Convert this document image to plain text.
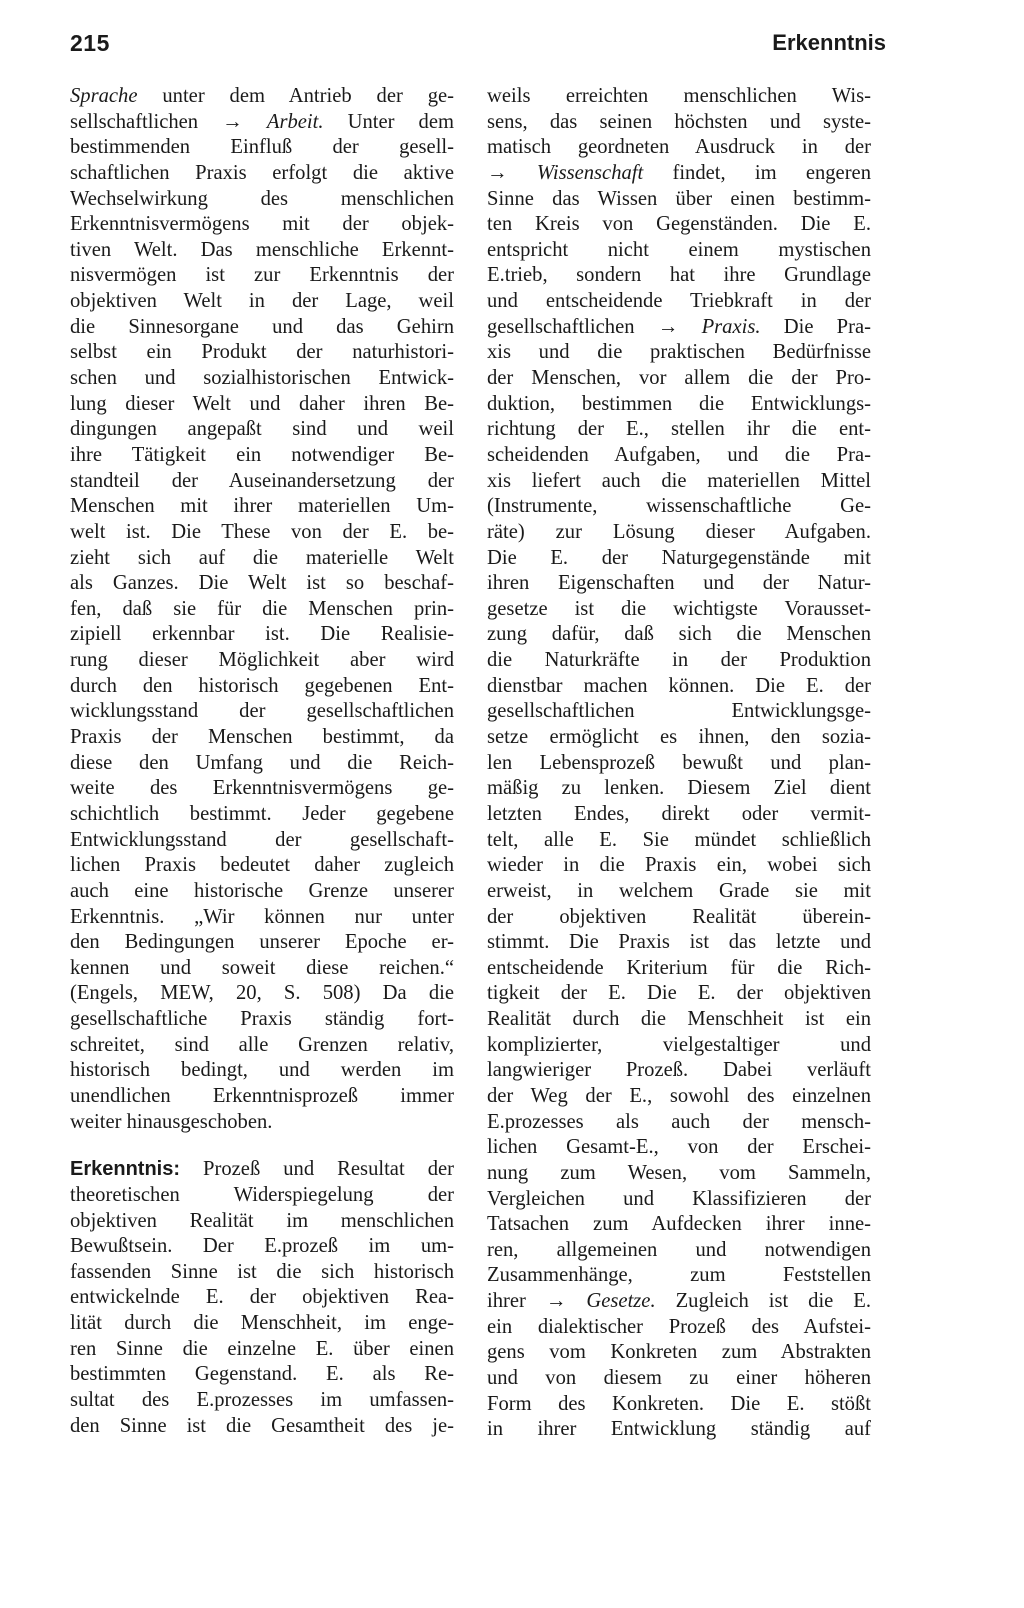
215	Erkenntnis
Sprache unter dem Antrieb der ge-
sellschaftlichen → Arbeit. Unter dem
bestimmenden Einfluß der gesell-
schaftlichen Praxis erfolgt die aktive
Wechselwirkung des menschlichen
Erkenntnisvermögens mit der objek-
tiven Welt. Das menschliche Erkennt-
nisvermögen ist zur Erkenntnis der
objektiven Welt in der Lage, weil
die Sinnesorgane und das Gehirn
selbst ein Produkt der naturhistori-
schen und sozialhistorischen Entwick-
lung dieser Welt und daher ihren Be-
dingungen angepaßt sind und weil
ihre Tätigkeit ein notwendiger Be-
standteil der Auseinandersetzung der
Menschen mit ihrer materiellen Um-
welt ist. Die These von der E. be-
zieht sich auf die materielle Welt
als Ganzes. Die Welt ist so beschaf-
fen, daß sie für die Menschen prin-
zipiell erkennbar ist. Die Realisie-
rung dieser Möglichkeit aber wird
durch den historisch gegebenen Ent-
wicklungsstand der gesellschaftlichen
Praxis der Menschen bestimmt, da
diese den Umfang und die Reich-
weite des Erkenntnisvermögens ge-
schichtlich bestimmt. Jeder gegebene
Entwicklungsstand der gesellschaft-
lichen Praxis bedeutet daher zugleich
auch eine historische Grenze unserer
Erkenntnis. „Wir können nur unter
den Bedingungen unserer Epoche er-
kennen und soweit diese reichen.“
(Engels, MEW, 20, S. 508) Da die
gesellschaftliche Praxis ständig fort-
schreitet, sind alle Grenzen relativ,
historisch bedingt, und werden im
unendlichen Erkenntnisprozeß immer
weiter hinausgeschoben.
Erkenntnis: Prozeß und Resultat der
theoretischen Widerspiegelung der
objektiven Realität im menschlichen
Bewußtsein. Der E.prozeß im um-
fassenden Sinne ist die sich historisch
entwickelnde E. der objektiven Rea-
lität durch die Menschheit, im enge-
ren Sinne die einzelne E. über einen
bestimmten Gegenstand. E. als Re-
sultat des E.prozesses im umfassen-
den Sinne ist die Gesamtheit des je-
weils erreichten menschlichen Wis-
sens, das seinen höchsten und syste-
matisch geordneten Ausdruck in der
→ Wissenschaft findet, im engeren
Sinne das Wissen über einen bestimm-
ten Kreis von Gegenständen. Die E.
entspricht nicht einem mystischen
E.trieb, sondern hat ihre Grundlage
und entscheidende Triebkraft in der
gesellschaftlichen → Praxis. Die Pra-
xis und die praktischen Bedürfnisse
der Menschen, vor allem die der Pro-
duktion, bestimmen die Entwicklungs-
richtung der E., stellen ihr die ent-
scheidenden Aufgaben, und die Pra-
xis liefert auch die materiellen Mittel
(Instrumente, wissenschaftliche Ge-
räte) zur Lösung dieser Aufgaben.
Die E. der Naturgegenstände mit
ihren Eigenschaften und der Natur-
gesetze ist die wichtigste Vorausset-
zung dafür, daß sich die Menschen
die Naturkräfte in der Produktion
dienstbar machen können. Die E. der
gesellschaftlichen Entwicklungsge-
setze ermöglicht es ihnen, den sozia-
len Lebensprozeß bewußt und plan-
mäßig zu lenken. Diesem Ziel dient
letzten Endes, direkt oder vermit-
telt, alle E. Sie mündet schließlich
wieder in die Praxis ein, wobei sich
erweist, in welchem Grade sie mit
der objektiven Realität überein-
stimmt. Die Praxis ist das letzte und
entscheidende Kriterium für die Rich-
tigkeit der E. Die E. der objektiven
Realität durch die Menschheit ist ein
komplizierter, vielgestaltiger und
langwieriger Prozeß. Dabei verläuft
der Weg der E., sowohl des einzelnen
E.prozesses als auch der mensch-
lichen Gesamt-E., von der Erschei-
nung zum Wesen, vom Sammeln,
Vergleichen und Klassifizieren der
Tatsachen zum Aufdecken ihrer inne-
ren, allgemeinen und notwendigen
Zusammenhänge, zum Feststellen
ihrer → Gesetze. Zugleich ist die E.
ein dialektischer Prozeß des Aufstei-
gens vom Konkreten zum Abstrakten
und von diesem zu einer höheren
Form des Konkreten. Die E. stößt
in ihrer Entwicklung ständig auf
